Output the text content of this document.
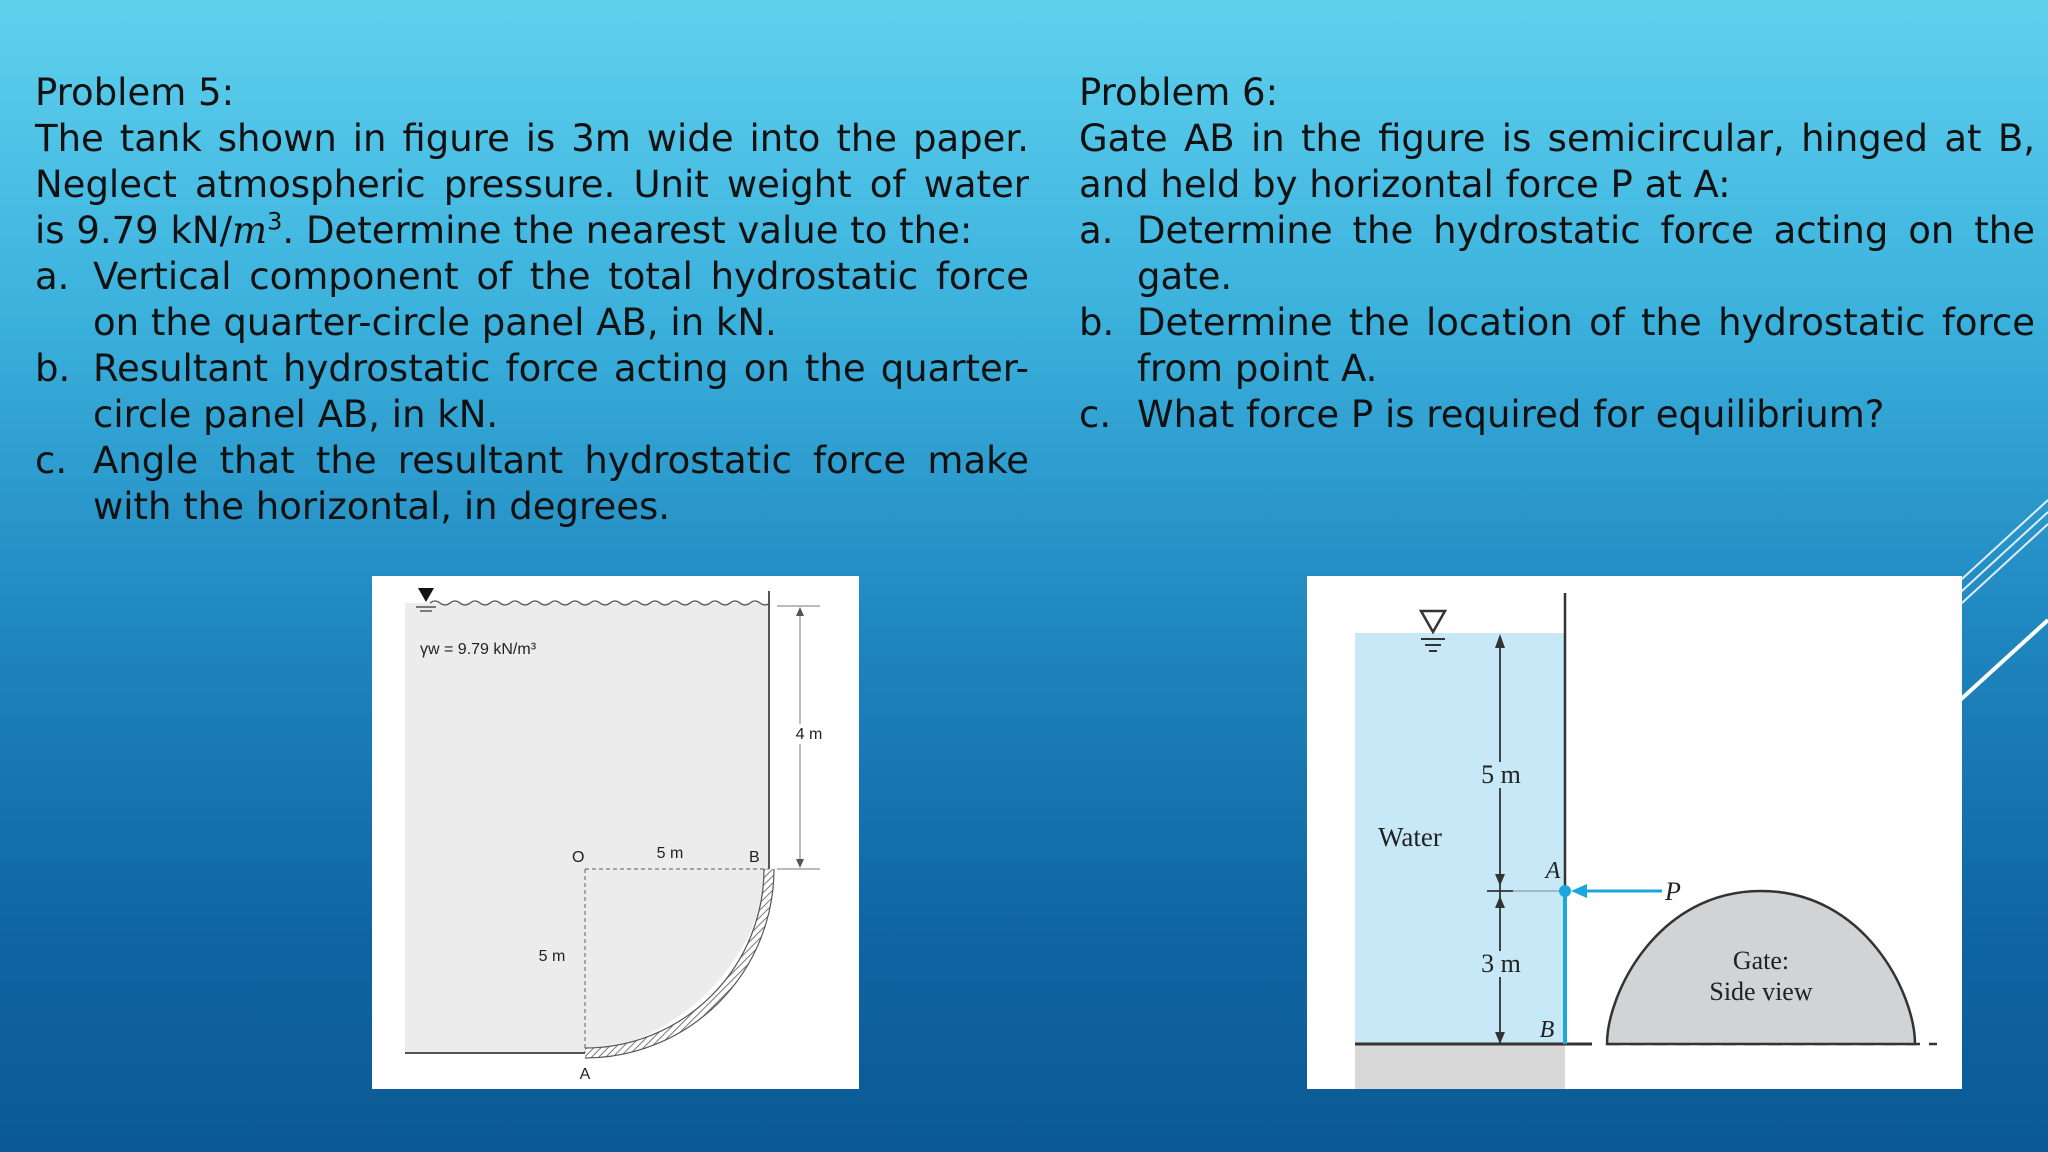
Problem 5:
The tank shown in figure is 3m wide into the paper. Neglect atmospheric pressure. Unit weight of water is 9.79 $kN/m^3$. Determine the nearest value to the:
a. Vertical component of the total hydrostatic force on the quarter-circle panel AB, in kN.
b. Resultant hydrostatic force acting on the quarter-circle panel AB, in kN.
c. Angle that the resultant hydrostatic force make with the horizontal, in degrees.
Problem 6:
Gate AB in the figure is semicircular, hinged at B, and held by horizontal force P at A:
a. Determine the hydrostatic force acting on the gate.
b. Determine the location of the hydrostatic force from point A.
c. What force P is required for equilibrium?
4 m
γw = 9.79 kN/m³
O	5 m	B
5 m
A
5 m
3 m
Water
A
B
P
Gate:
Side view
